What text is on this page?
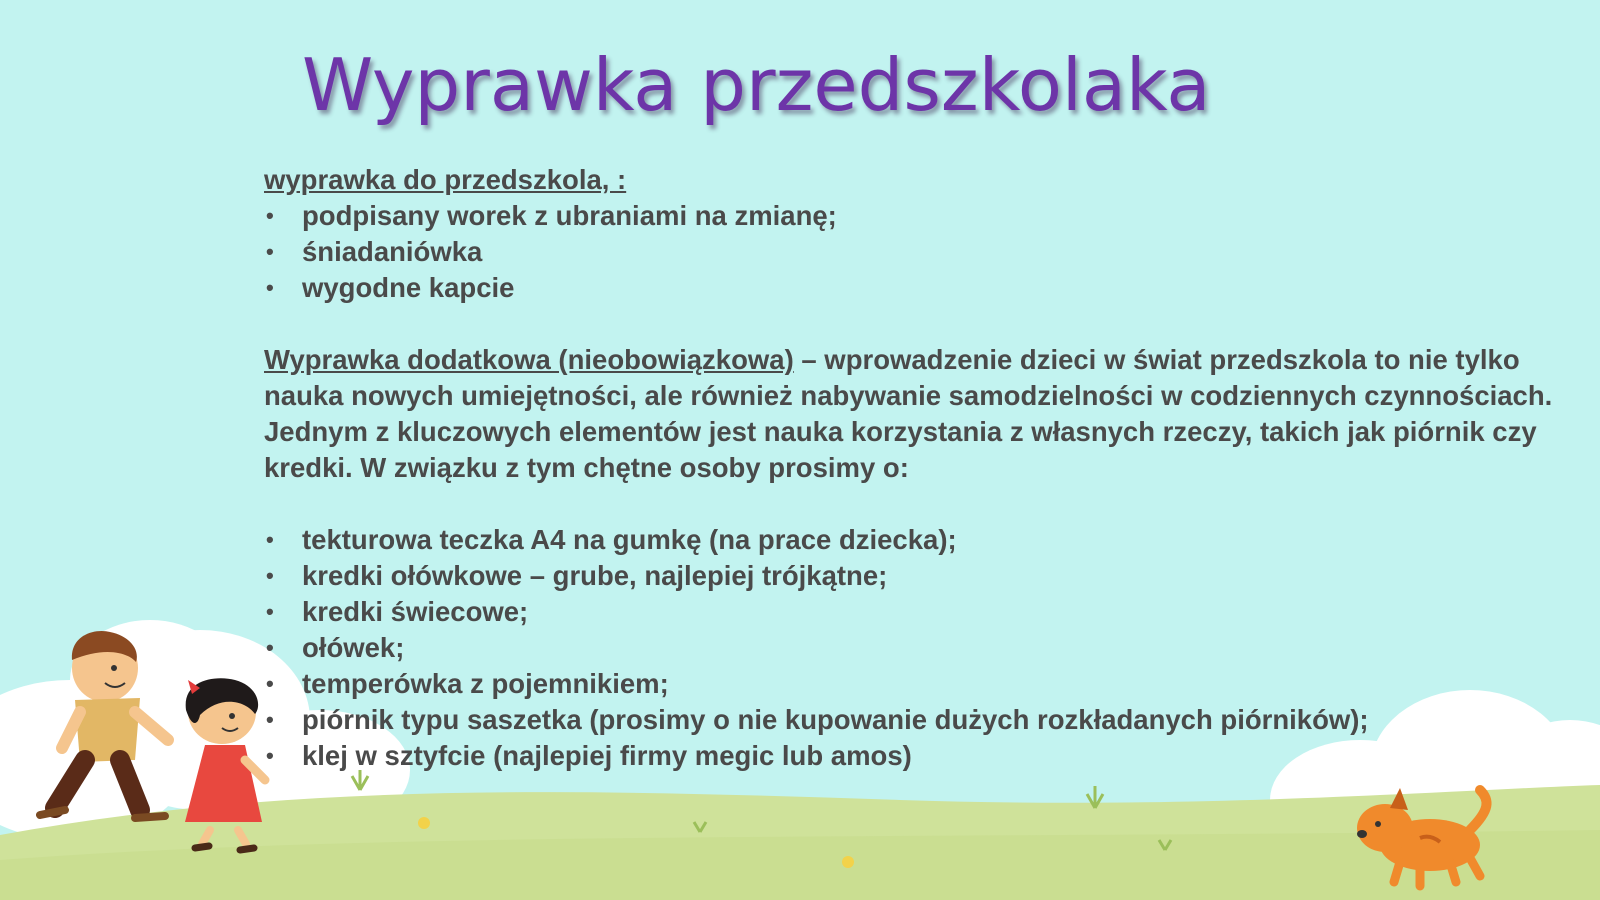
Wyprawka przedszkolaka

wyprawka do przedszkola, :

• podpisany worek z ubraniami na zmianę;
• śniadaniówka
• wygodne kapcie

Wyprawka dodatkowa (nieobowiązkowa) – wprowadzenie dzieci w świat przedszkola to nie tylko nauka nowych umiejętności, ale również nabywanie samodzielności w codziennych czynnościach. Jednym z kluczowych elementów jest nauka korzystania z własnych rzeczy, takich jak piórnik czy kredki. W związku z tym chętne osoby prosimy o:

• tekturowa teczka A4 na gumkę (na prace dziecka);
• kredki ołówkowe – grube, najlepiej trójkątne;
• kredki świecowe;
• ołówek;
• temperówka z pojemnikiem;
• piórnik typu saszetka (prosimy o nie kupowanie dużych rozkładanych piórników);
• klej w sztyfcie (najlepiej firmy megic lub amos)
